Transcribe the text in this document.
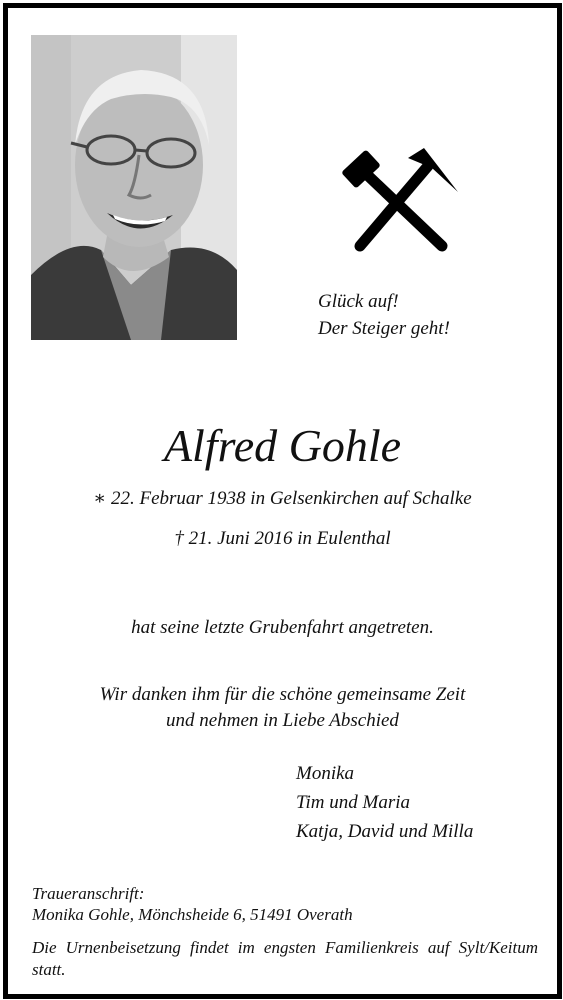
Glück auf!
Der Steiger geht!
Alfred Gohle
∗ 22. Februar 1938 in Gelsenkirchen auf Schalke
† 21. Juni 2016 in Eulenthal
hat seine letzte Grubenfahrt angetreten.
Wir danken ihm für die schöne gemeinsame Zeit
und nehmen in Liebe Abschied
Monika
Tim und Maria
Katja, David und Milla
Traueranschrift:
Monika Gohle, Mönchsheide 6, 51491 Overath
Die Urnenbeisetzung findet im engsten Familienkreis auf Sylt/Keitum statt.
